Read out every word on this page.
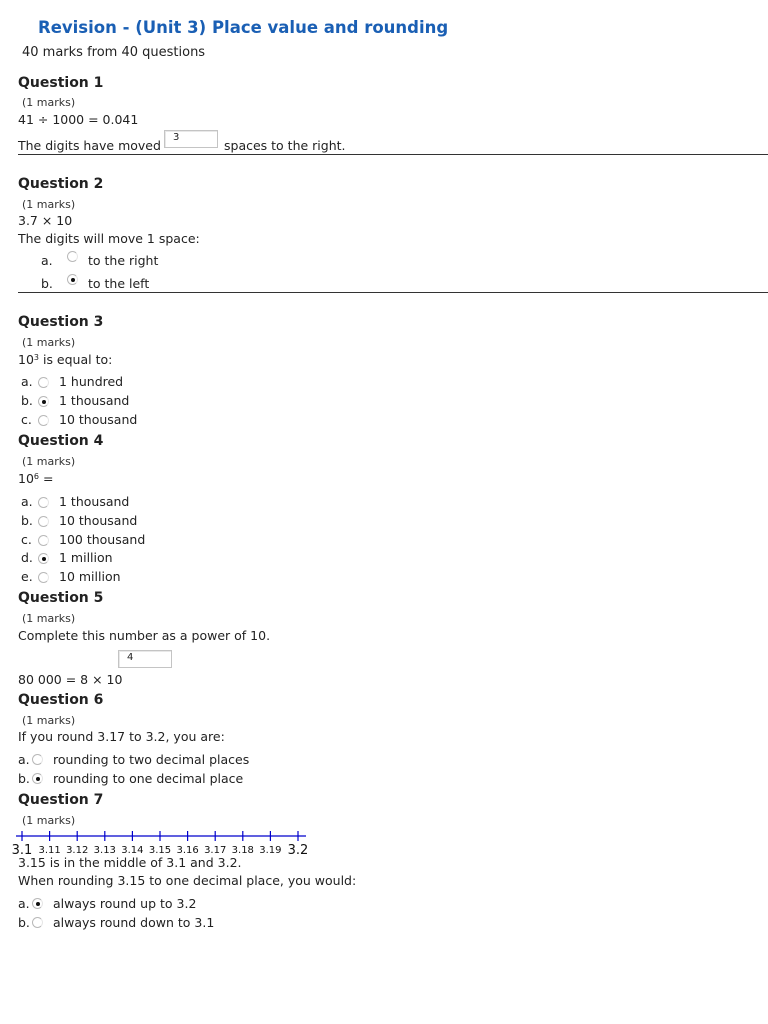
Revision - (Unit 3) Place value and rounding
40 marks from 40 questions
Question 1
(1 marks)
41 ÷ 1000 = 0.041
The digits have moved
3
spaces to the right.
Question 2
(1 marks)
3.7 × 10
The digits will move 1 space:
a.	to the right
b.	to the left
Question 3
(1 marks)
$10^3$ is equal to:
a. 1 hundred
b. 1 thousand
c. 10 thousand
Question 4
(1 marks)
$10^6$ =
a. 1 thousand
b. 10 thousand
c. 100 thousand
d. 1 million
e. 10 million
Question 5
(1 marks)
Complete this number as a power of 10.
4
80 000 = 8 × 10
Question 6
(1 marks)
If you round 3.17 to 3.2, you are:
a. rounding to two decimal places
b. rounding to one decimal place
Question 7
(1 marks)
3.1 3.11 3.12 3.13 3.14 3.15 3.16 3.17 3.18 3.19 3.2
3.15 is in the middle of 3.1 and 3.2.
When rounding 3.15 to one decimal place, you would:
a. always round up to 3.2
b. always round down to 3.1
